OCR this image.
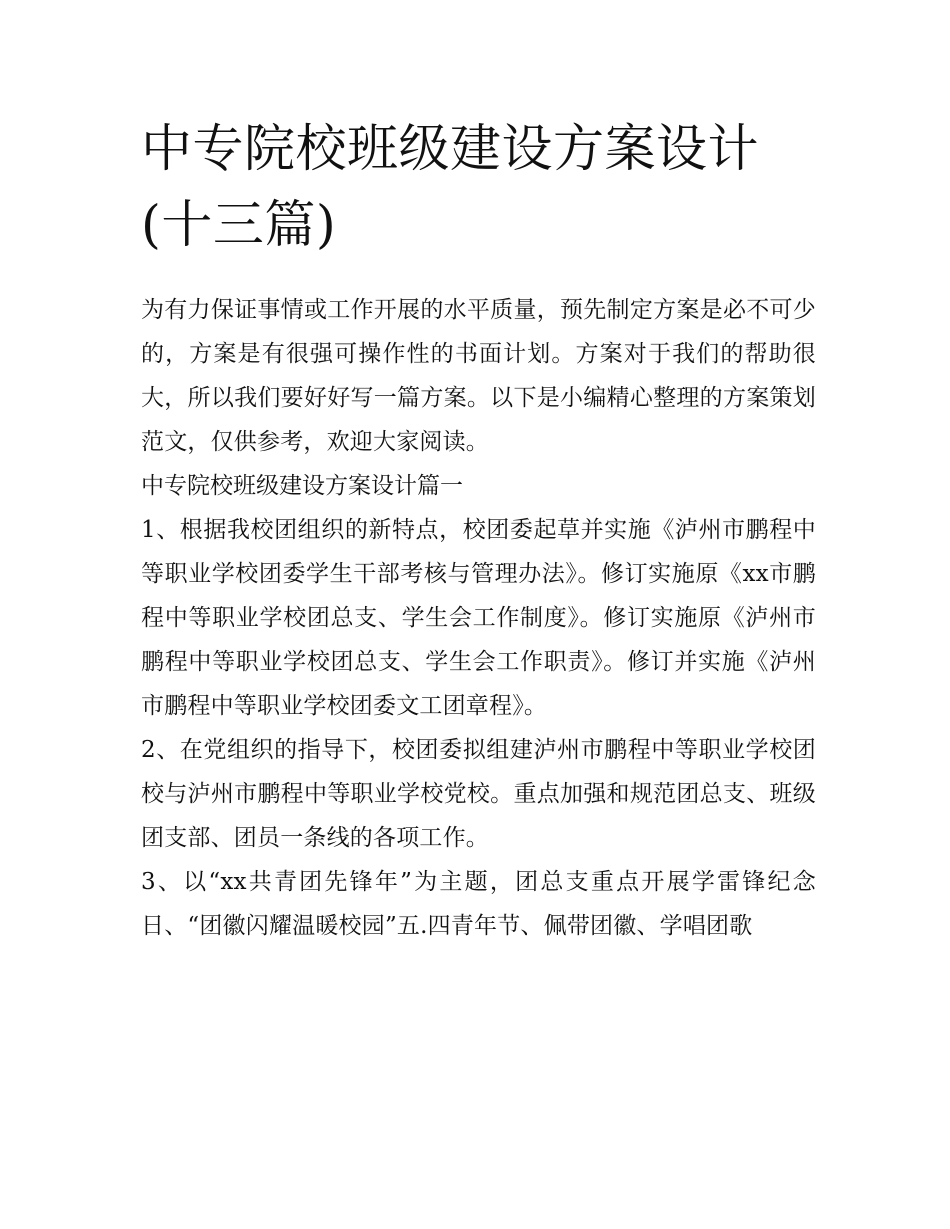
中专院校班级建设方案设计(十三篇)

为有力保证事情或工作开展的水平质量，预先制定方案是必不可少的，方案是有很强可操作性的书面计划。方案对于我们的帮助很大，所以我们要好好写一篇方案。以下是小编精心整理的方案策划范文，仅供参考，欢迎大家阅读。

中专院校班级建设方案设计篇一

1、根据我校团组织的新特点，校团委起草并实施《泸州市鹏程中等职业学校团委学生干部考核与管理办法》。修订实施原《xx市鹏程中等职业学校团总支、学生会工作制度》。修订实施原《泸州市鹏程中等职业学校团总支、学生会工作职责》。修订并实施《泸州市鹏程中等职业学校团委文工团章程》。

2、在党组织的指导下，校团委拟组建泸州市鹏程中等职业学校团校与泸州市鹏程中等职业学校党校。重点加强和规范团总支、班级团支部、团员一条线的各项工作。

3、以“xx共青团先锋年”为主题，团总支重点开展学雷锋纪念日、“团徽闪耀温暖校园”五.四青年节、佩带团徽、学唱团歌
